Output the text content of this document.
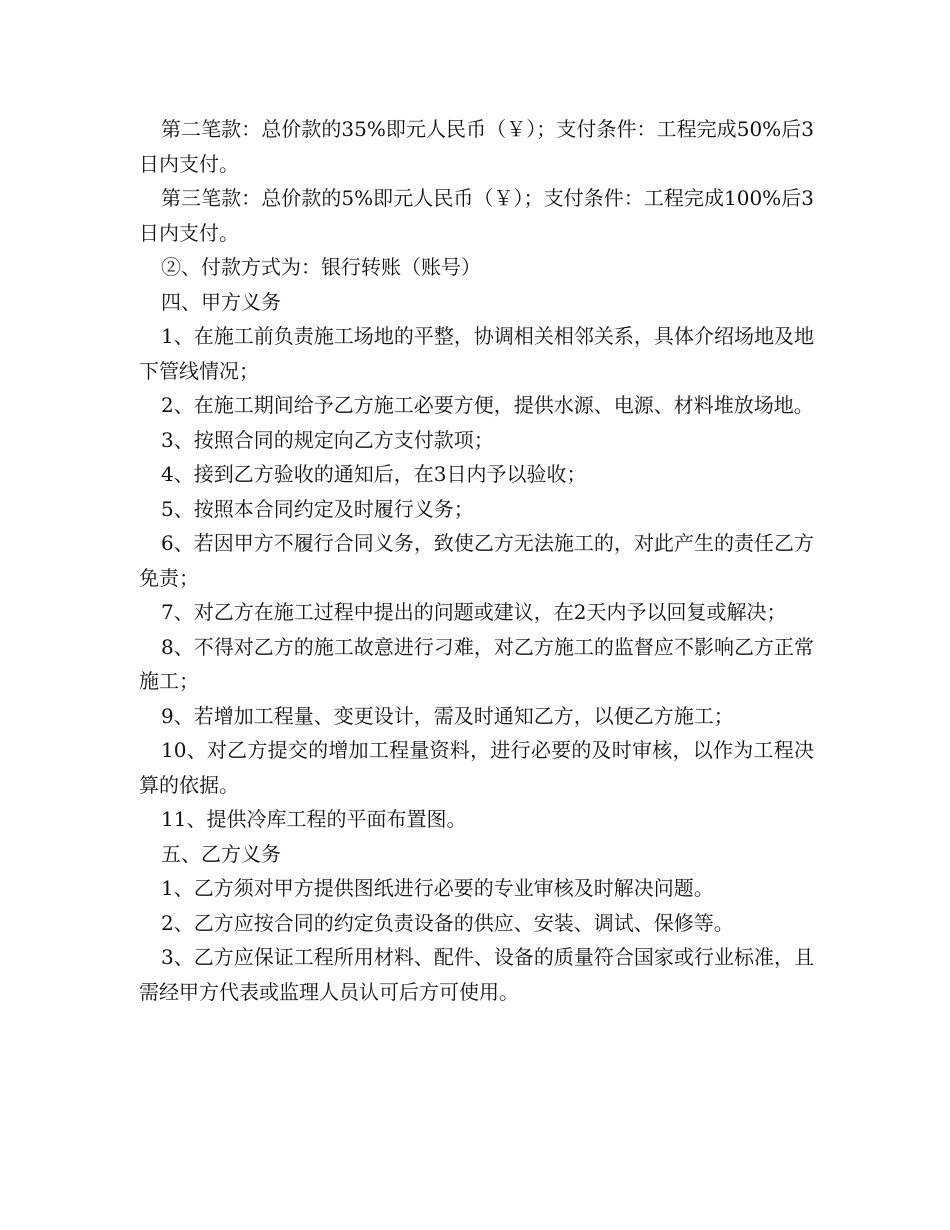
第二笔款：总价款的35%即元人民币（￥）；支付条件：工程完成50%后3日内支付。

第三笔款：总价款的5%即元人民币（￥）；支付条件：工程完成100%后3日内支付。

②、付款方式为：银行转账（账号）

四、甲方义务

1、在施工前负责施工场地的平整，协调相关相邻关系，具体介绍场地及地下管线情况；

2、在施工期间给予乙方施工必要方便，提供水源、电源、材料堆放场地。

3、按照合同的规定向乙方支付款项；

4、接到乙方验收的通知后，在3日内予以验收；

5、按照本合同约定及时履行义务；

6、若因甲方不履行合同义务，致使乙方无法施工的，对此产生的责任乙方免责；

7、对乙方在施工过程中提出的问题或建议，在2天内予以回复或解决；

8、不得对乙方的施工故意进行刁难，对乙方施工的监督应不影响乙方正常施工；

9、若增加工程量、变更设计，需及时通知乙方，以便乙方施工；

10、对乙方提交的增加工程量资料，进行必要的及时审核，以作为工程决算的依据。

11、提供冷库工程的平面布置图。

五、乙方义务

1、乙方须对甲方提供图纸进行必要的专业审核及时解决问题。

2、乙方应按合同的约定负责设备的供应、安装、调试、保修等。

3、乙方应保证工程所用材料、配件、设备的质量符合国家或行业标准，且需经甲方代表或监理人员认可后方可使用。
